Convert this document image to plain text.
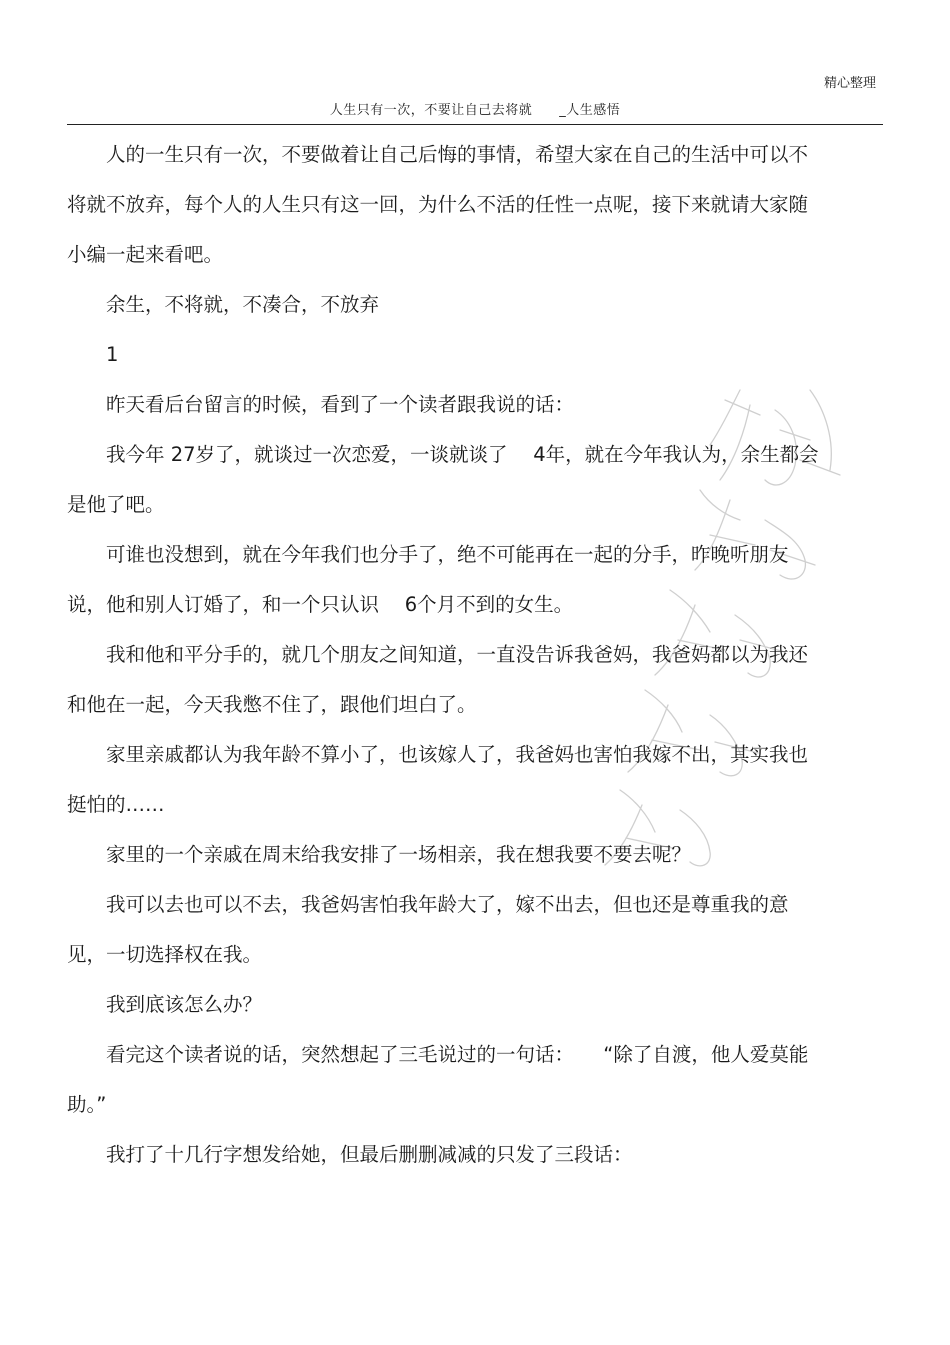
精心整理
人生只有一次，不要让自己去将就　　_人生感悟

人的一生只有一次，不要做着让自己后悔的事情，希望大家在自己的生活中可以不将就不放弃，每个人的人生只有这一回，为什么不活的任性一点呢，接下来就请大家随小编一起来看吧。

余生，不将就，不凑合，不放弃

1

昨天看后台留言的时候，看到了一个读者跟我说的话：

我今年 27岁了，就谈过一次恋爱，一谈就谈了　 4年，就在今年我认为，余生都会是他了吧。

可谁也没想到，就在今年我们也分手了，绝不可能再在一起的分手，昨晚听朋友说，他和别人订婚了，和一个只认识　 6个月不到的女生。

我和他和平分手的，就几个朋友之间知道，一直没告诉我爸妈，我爸妈都以为我还和他在一起，今天我憋不住了，跟他们坦白了。

家里亲戚都认为我年龄不算小了，也该嫁人了，我爸妈也害怕我嫁不出，其实我也挺怕的……

家里的一个亲戚在周末给我安排了一场相亲，我在想我要不要去呢？

我可以去也可以不去，我爸妈害怕我年龄大了，嫁不出去，但也还是尊重我的意见，一切选择权在我。

我到底该怎么办？

看完这个读者说的话，突然想起了三毛说过的一句话：　　“除了自渡，他人爱莫能助。”

我打了十几行字想发给她，但最后删删减减的只发了三段话：
